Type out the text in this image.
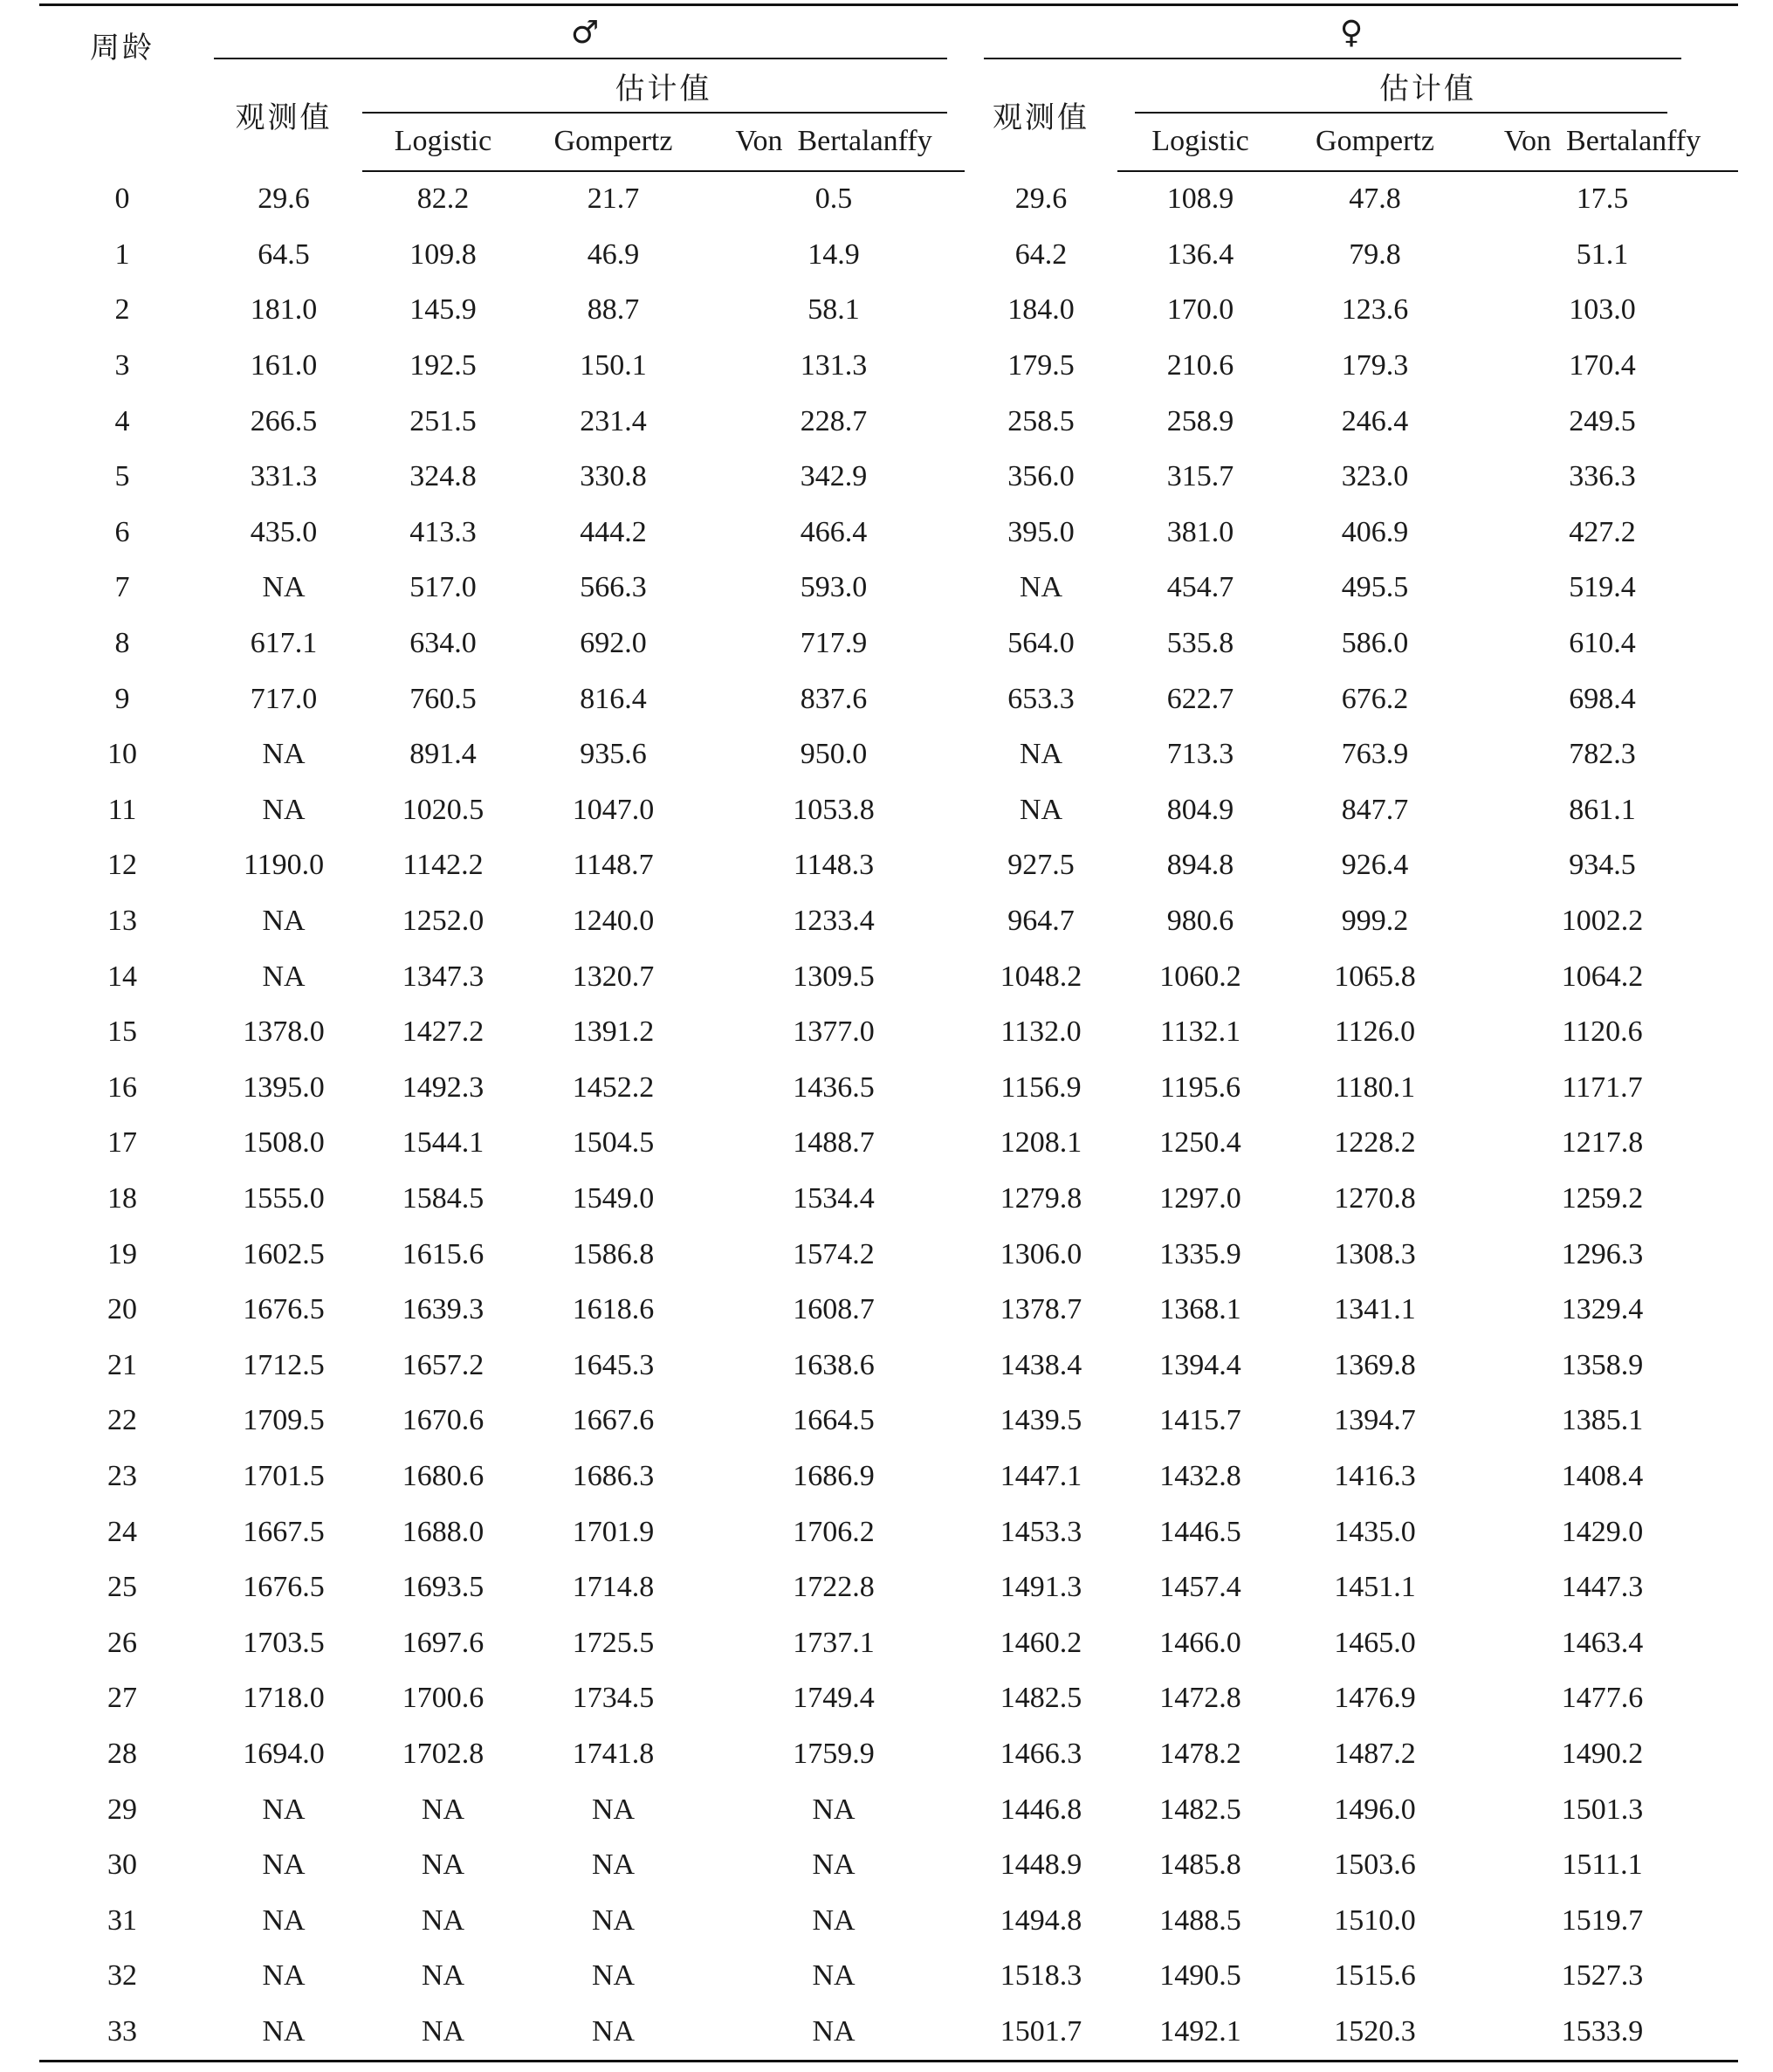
周龄	♂				♀			
	观测值	估计值			观测值	估计值		
		Logistic	Gompertz	Von  Bertalanffy		Logistic	Gompertz	Von  Bertalanffy
0	29.6	82.2	21.7	0.5	29.6	108.9	47.8	17.5
1	64.5	109.8	46.9	14.9	64.2	136.4	79.8	51.1
2	181.0	145.9	88.7	58.1	184.0	170.0	123.6	103.0
3	161.0	192.5	150.1	131.3	179.5	210.6	179.3	170.4
4	266.5	251.5	231.4	228.7	258.5	258.9	246.4	249.5
5	331.3	324.8	330.8	342.9	356.0	315.7	323.0	336.3
6	435.0	413.3	444.2	466.4	395.0	381.0	406.9	427.2
7	NA	517.0	566.3	593.0	NA	454.7	495.5	519.4
8	617.1	634.0	692.0	717.9	564.0	535.8	586.0	610.4
9	717.0	760.5	816.4	837.6	653.3	622.7	676.2	698.4
10	NA	891.4	935.6	950.0	NA	713.3	763.9	782.3
11	NA	1020.5	1047.0	1053.8	NA	804.9	847.7	861.1
12	1190.0	1142.2	1148.7	1148.3	927.5	894.8	926.4	934.5
13	NA	1252.0	1240.0	1233.4	964.7	980.6	999.2	1002.2
14	NA	1347.3	1320.7	1309.5	1048.2	1060.2	1065.8	1064.2
15	1378.0	1427.2	1391.2	1377.0	1132.0	1132.1	1126.0	1120.6
16	1395.0	1492.3	1452.2	1436.5	1156.9	1195.6	1180.1	1171.7
17	1508.0	1544.1	1504.5	1488.7	1208.1	1250.4	1228.2	1217.8
18	1555.0	1584.5	1549.0	1534.4	1279.8	1297.0	1270.8	1259.2
19	1602.5	1615.6	1586.8	1574.2	1306.0	1335.9	1308.3	1296.3
20	1676.5	1639.3	1618.6	1608.7	1378.7	1368.1	1341.1	1329.4
21	1712.5	1657.2	1645.3	1638.6	1438.4	1394.4	1369.8	1358.9
22	1709.5	1670.6	1667.6	1664.5	1439.5	1415.7	1394.7	1385.1
23	1701.5	1680.6	1686.3	1686.9	1447.1	1432.8	1416.3	1408.4
24	1667.5	1688.0	1701.9	1706.2	1453.3	1446.5	1435.0	1429.0
25	1676.5	1693.5	1714.8	1722.8	1491.3	1457.4	1451.1	1447.3
26	1703.5	1697.6	1725.5	1737.1	1460.2	1466.0	1465.0	1463.4
27	1718.0	1700.6	1734.5	1749.4	1482.5	1472.8	1476.9	1477.6
28	1694.0	1702.8	1741.8	1759.9	1466.3	1478.2	1487.2	1490.2
29	NA	NA	NA	NA	1446.8	1482.5	1496.0	1501.3
30	NA	NA	NA	NA	1448.9	1485.8	1503.6	1511.1
31	NA	NA	NA	NA	1494.8	1488.5	1510.0	1519.7
32	NA	NA	NA	NA	1518.3	1490.5	1515.6	1527.3
33	NA	NA	NA	NA	1501.7	1492.1	1520.3	1533.9
